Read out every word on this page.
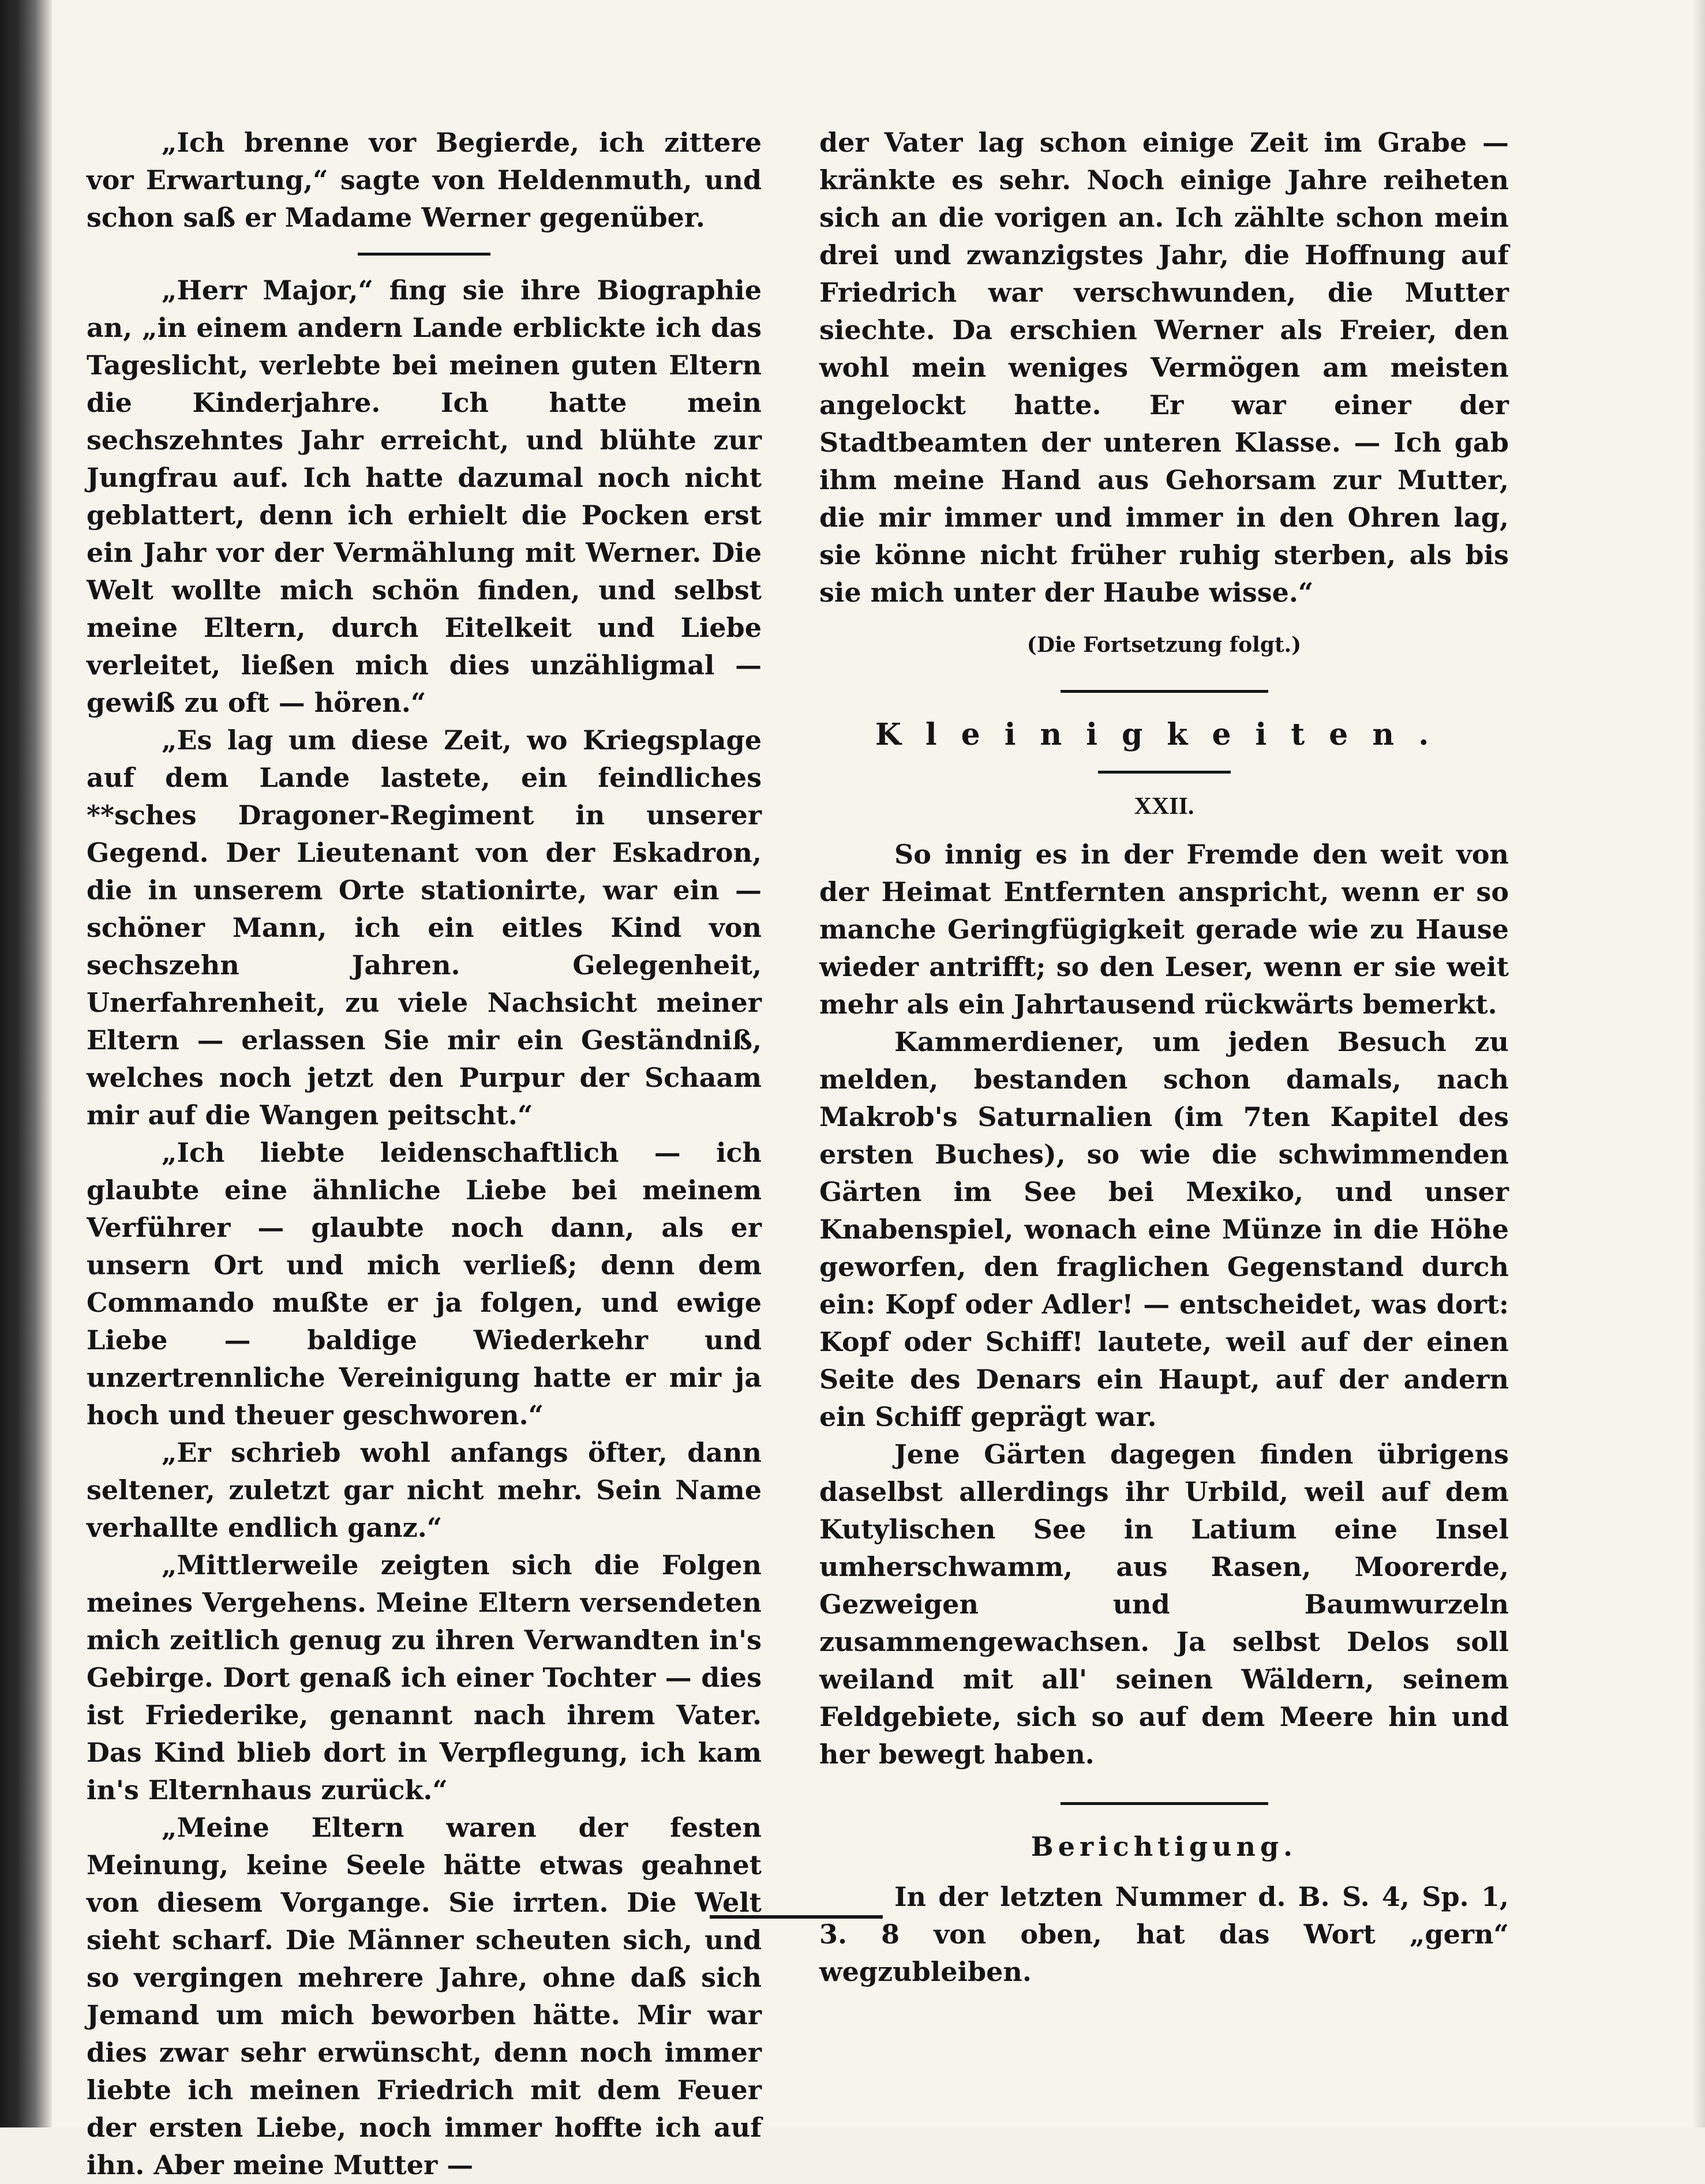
„Ich brenne vor Begierde, ich zittere vor Erwartung,“ sagte von Heldenmuth, und schon saß er Madame Werner gegenüber.

„Herr Major,“ fing sie ihre Biographie an, „in einem andern Lande erblickte ich das Tageslicht, verlebte bei meinen guten Eltern die Kinderjahre. Ich hatte mein sechszehntes Jahr erreicht, und blühte zur Jungfrau auf. Ich hatte dazumal noch nicht geblattert, denn ich erhielt die Pocken erst ein Jahr vor der Vermählung mit Werner. Die Welt wollte mich schön finden, und selbst meine Eltern, durch Eitelkeit und Liebe verleitet, ließen mich dies unzähligmal — gewiß zu oft — hören.“

„Es lag um diese Zeit, wo Kriegsplage auf dem Lande lastete, ein feindliches **sches Dragoner-Regiment in unserer Gegend. Der Lieutenant von der Eskadron, die in unserem Orte stationirte, war ein — schöner Mann, ich ein eitles Kind von sechszehn Jahren. Gelegenheit, Unerfahrenheit, zu viele Nachsicht meiner Eltern — erlassen Sie mir ein Geständniß, welches noch jetzt den Purpur der Schaam mir auf die Wangen peitscht.“

„Ich liebte leidenschaftlich — ich glaubte eine ähnliche Liebe bei meinem Verführer — glaubte noch dann, als er unsern Ort und mich verließ; denn dem Commando mußte er ja folgen, und ewige Liebe — baldige Wiederkehr und unzertrennliche Vereinigung hatte er mir ja hoch und theuer geschworen.“

„Er schrieb wohl anfangs öfter, dann seltener, zuletzt gar nicht mehr. Sein Name verhallte endlich ganz.“

„Mittlerweile zeigten sich die Folgen meines Vergehens. Meine Eltern versendeten mich zeitlich genug zu ihren Verwandten in's Gebirge. Dort genaß ich einer Tochter — dies ist Friederike, genannt nach ihrem Vater. Das Kind blieb dort in Verpflegung, ich kam in's Elternhaus zurück.“

„Meine Eltern waren der festen Meinung, keine Seele hätte etwas geahnet von diesem Vorgange. Sie irrten. Die Welt sieht scharf. Die Männer scheuten sich, und so vergingen mehrere Jahre, ohne daß sich Jemand um mich beworben hätte. Mir war dies zwar sehr erwünscht, denn noch immer liebte ich meinen Friedrich mit dem Feuer der ersten Liebe, noch immer hoffte ich auf ihn. Aber meine Mutter —

der Vater lag schon einige Zeit im Grabe — kränkte es sehr. Noch einige Jahre reiheten sich an die vorigen an. Ich zählte schon mein drei und zwanzigstes Jahr, die Hoffnung auf Friedrich war verschwunden, die Mutter siechte. Da erschien Werner als Freier, den wohl mein weniges Vermögen am meisten angelockt hatte. Er war einer der Stadtbeamten der unteren Klasse. — Ich gab ihm meine Hand aus Gehorsam zur Mutter, die mir immer und immer in den Ohren lag, sie könne nicht früher ruhig sterben, als bis sie mich unter der Haube wisse.“

(Die Fortsetzung folgt.)
Kleinigkeiten.
XXII.

So innig es in der Fremde den weit von der Heimat Entfernten anspricht, wenn er so manche Geringfügigkeit gerade wie zu Hause wieder antrifft; so den Leser, wenn er sie weit mehr als ein Jahrtausend rückwärts bemerkt.

Kammerdiener, um jeden Besuch zu melden, bestanden schon damals, nach Makrob's Saturnalien (im 7ten Kapitel des ersten Buches), so wie die schwimmenden Gärten im See bei Mexiko, und unser Knabenspiel, wonach eine Münze in die Höhe geworfen, den fraglichen Gegenstand durch ein: Kopf oder Adler! — entscheidet, was dort: Kopf oder Schiff! lautete, weil auf der einen Seite des Denars ein Haupt, auf der andern ein Schiff geprägt war.

Jene Gärten dagegen finden übrigens daselbst allerdings ihr Urbild, weil auf dem Kutylischen See in Latium eine Insel umherschwamm, aus Rasen, Moorerde, Gezweigen und Baumwurzeln zusammengewachsen. Ja selbst Delos soll weiland mit all' seinen Wäldern, seinem Feldgebiete, sich so auf dem Meere hin und her bewegt haben.

Berichtigung.

In der letzten Nummer d. B. S. 4, Sp. 1, 3. 8 von oben, hat das Wort „gern“ wegzubleiben.
